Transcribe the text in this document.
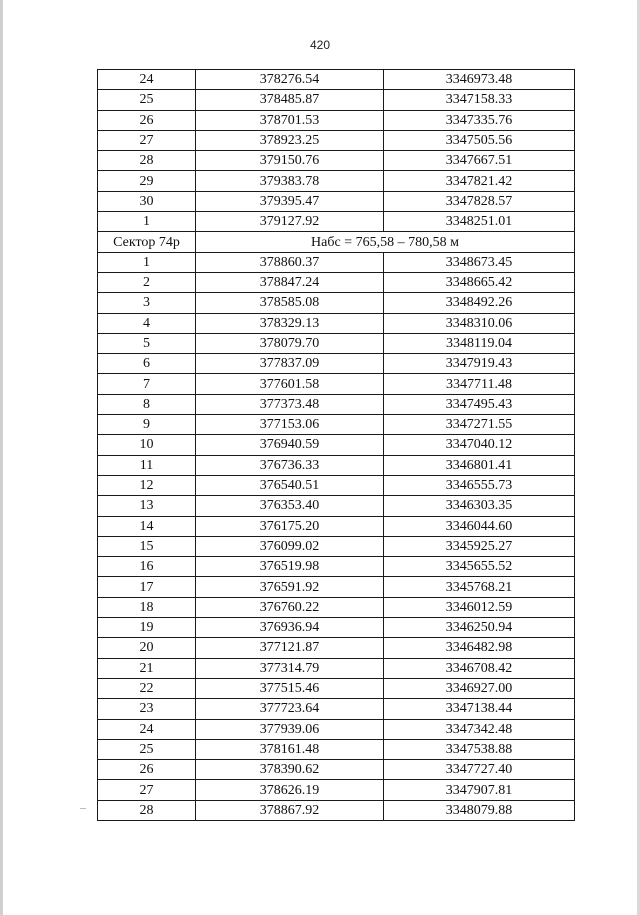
420
24	378276.54	3346973.48
25	378485.87	3347158.33
26	378701.53	3347335.76
27	378923.25	3347505.56
28	379150.76	3347667.51
29	379383.78	3347821.42
30	379395.47	3347828.57
1	379127.92	3348251.01
Сектор 74р	Набс = 765,58 – 780,58 м	
1	378860.37	3348673.45
2	378847.24	3348665.42
3	378585.08	3348492.26
4	378329.13	3348310.06
5	378079.70	3348119.04
6	377837.09	3347919.43
7	377601.58	3347711.48
8	377373.48	3347495.43
9	377153.06	3347271.55
10	376940.59	3347040.12
11	376736.33	3346801.41
12	376540.51	3346555.73
13	376353.40	3346303.35
14	376175.20	3346044.60
15	376099.02	3345925.27
16	376519.98	3345655.52
17	376591.92	3345768.21
18	376760.22	3346012.59
19	376936.94	3346250.94
20	377121.87	3346482.98
21	377314.79	3346708.42
22	377515.46	3346927.00
23	377723.64	3347138.44
24	377939.06	3347342.48
25	378161.48	3347538.88
26	378390.62	3347727.40
27	378626.19	3347907.81
28	378867.92	3348079.88
